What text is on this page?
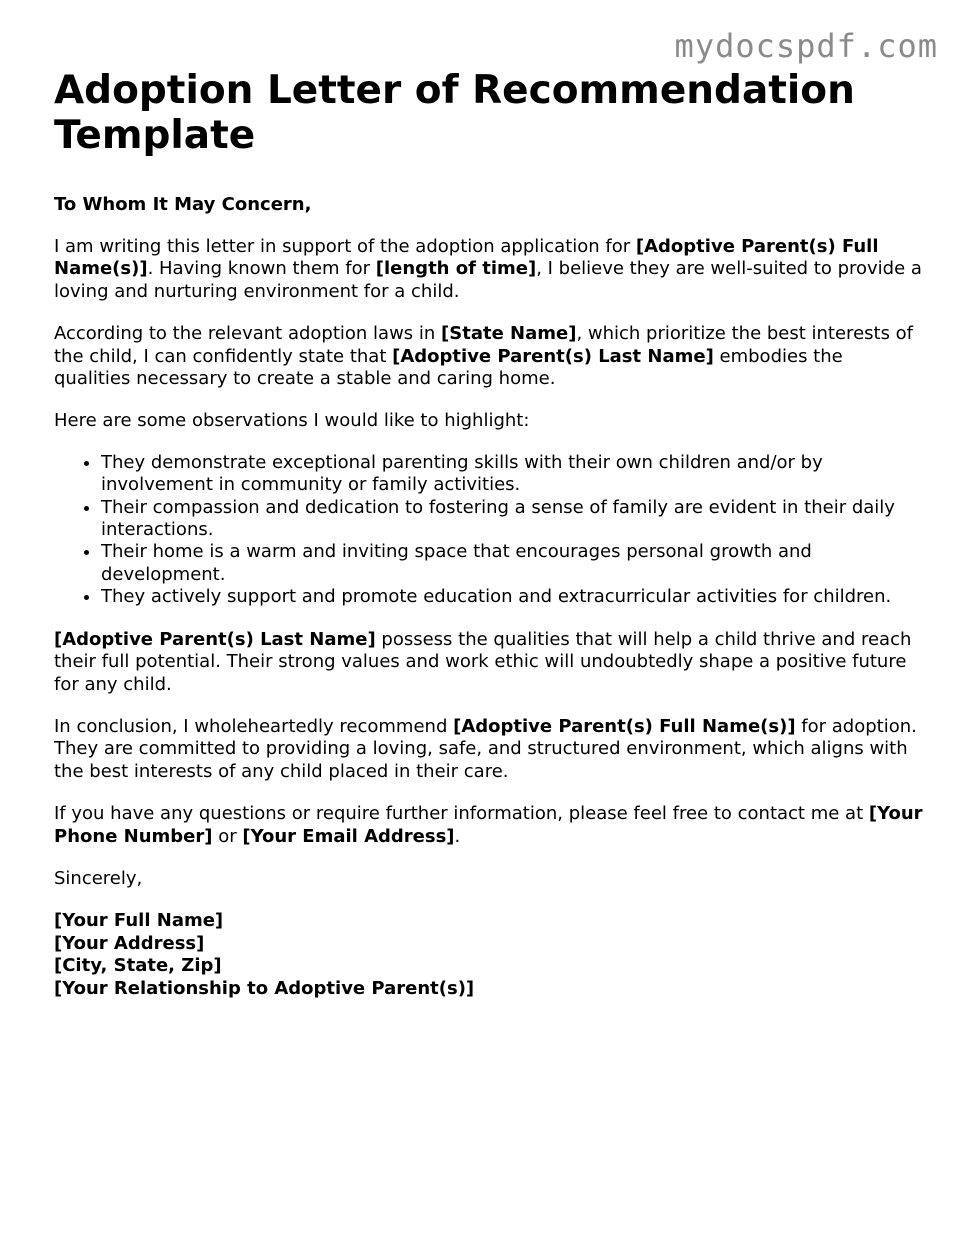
mydocspdf.com
Adoption Letter of Recommendation Template
To Whom It May Concern,

I am writing this letter in support of the adoption application for [Adoptive Parent(s) Full Name(s)]. Having known them for [length of time], I believe they are well-suited to provide a loving and nurturing environment for a child.

According to the relevant adoption laws in [State Name], which prioritize the best interests of the child, I can confidently state that [Adoptive Parent(s) Last Name] embodies the qualities necessary to create a stable and caring home.

Here are some observations I would like to highlight:

• They demonstrate exceptional parenting skills with their own children and/or by involvement in community or family activities.
• Their compassion and dedication to fostering a sense of family are evident in their daily interactions.
• Their home is a warm and inviting space that encourages personal growth and development.
• They actively support and promote education and extracurricular activities for children.

[Adoptive Parent(s) Last Name] possess the qualities that will help a child thrive and reach their full potential. Their strong values and work ethic will undoubtedly shape a positive future for any child.

In conclusion, I wholeheartedly recommend [Adoptive Parent(s) Full Name(s)] for adoption. They are committed to providing a loving, safe, and structured environment, which aligns with the best interests of any child placed in their care.

If you have any questions or require further information, please feel free to contact me at [Your Phone Number] or [Your Email Address].

Sincerely,

[Your Full Name]
[Your Address]
[City, State, Zip]
[Your Relationship to Adoptive Parent(s)]
